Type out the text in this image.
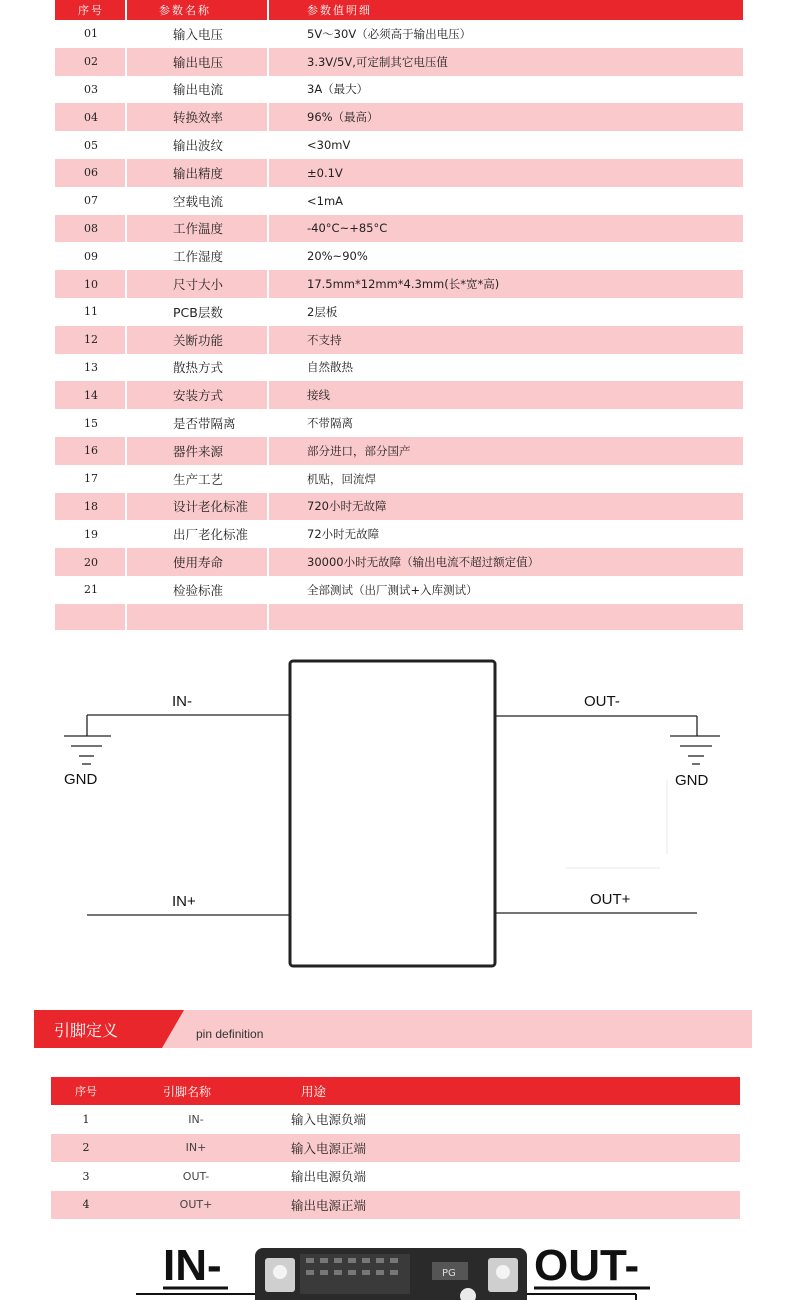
序号	参数名称	参数值明细
01	输入电压	5V～30V（必须高于输出电压）
02	输出电压	3.3V/5V,可定制其它电压值
03	输出电流	3A（最大）
04	转换效率	96%（最高）
05	输出波纹	<30mV
06	输出精度	±0.1V
07	空载电流	<1mA
08	工作温度	-40°C~+85°C
09	工作湿度	20%~90%
10	尺寸大小	17.5mm*12mm*4.3mm(长*宽*高)
11	PCB层数	2层板
12	关断功能	不支持
13	散热方式	自然散热
14	安装方式	接线
15	是否带隔离	不带隔离
16	器件来源	部分进口，部分国产
17	生产工艺	机贴，回流焊
18	设计老化标准	720小时无故障
19	出厂老化标准	72小时无故障
20	使用寿命	30000小时无故障（输出电流不超过额定值）
21	检验标准	全部测试（出厂测试+入库测试）
IN-	OUT-
GND	GND
IN+	OUT+
引脚定义	pin definition
序号	引脚名称	用途
1	IN-	输入电源负端
2	IN+	输入电源正端
3	OUT-	输出电源负端
4	OUT+	输出电源正端
IN-	OUT-
PG
